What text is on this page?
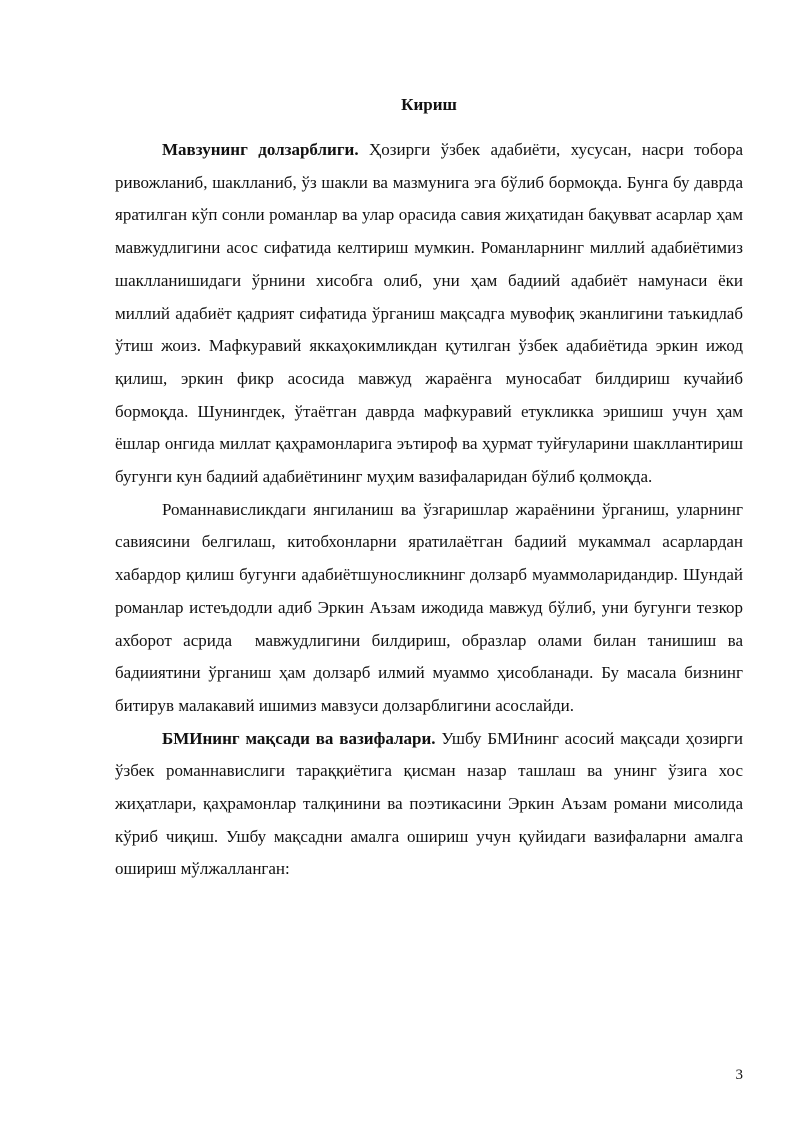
Кириш

Мавзунинг долзарблиги. Ҳозирги ўзбек адабиёти, хусусан, насри тобора ривожланиб, шаклланиб, ўз шакли ва мазмунига эга бўлиб бормоқда. Бунга бу даврда яратилган кўп сонли романлар ва улар орасида савия жиҳатидан бақувват асарлар ҳам мавжудлигини асос сифатида келтириш мумкин. Романларнинг миллий адабиётимиз шаклланишидаги ўрнини хисобга олиб, уни ҳам бадиий адабиёт намунаси ёки миллий адабиёт қадрият сифатида ўрганиш мақсадга мувофиқ эканлигини таъкидлаб ўтиш жоиз. Мафкуравий яккаҳокимликдан қутилган ўзбек адабиётида эркин ижод қилиш, эркин фикр асосида мавжуд жараёнга муносабат билдириш кучайиб бормоқда. Шунингдек, ўтаётган даврда мафкуравий етукликка эришиш учун ҳам ёшлар онгида миллат қаҳрамонларига эътироф ва ҳурмат туйғуларини шакллантириш бугунги кун бадиий адабиётининг муҳим вазифаларидан бўлиб қолмоқда.

Романнависликдаги янгиланиш ва ўзгаришлар жараёнини ўрганиш, уларнинг  савиясини белгилаш, китобхонларни яратилаётган бадиий мукаммал асарлардан хабардор қилиш бугунги адабиётшуносликнинг долзарб муаммоларидандир. Шундай романлар истеъдодли адиб Эркин Аъзам ижодида мавжуд бўлиб, уни бугунги тезкор ахборот асрида  мавжудлигини билдириш, образлар олами билан танишиш ва бадииятини ўрганиш ҳам долзарб илмий муаммо ҳисобланади. Бу масала бизнинг битирув малакавий ишимиз мавзуси долзарблигини асослайди.

БМИнинг мақсади ва вазифалари. Ушбу БМИнинг асосий мақсади ҳозирги ўзбек романнавислиги тараққиётига қисман назар ташлаш ва унинг ўзига хос жиҳатлари, қаҳрамонлар талқинини ва поэтикасини Эркин Аъзам романи мисолида кўриб чиқиш. Ушбу мақсадни амалга ошириш учун қуйидаги вазифаларни амалга ошириш мўлжалланган:

3
